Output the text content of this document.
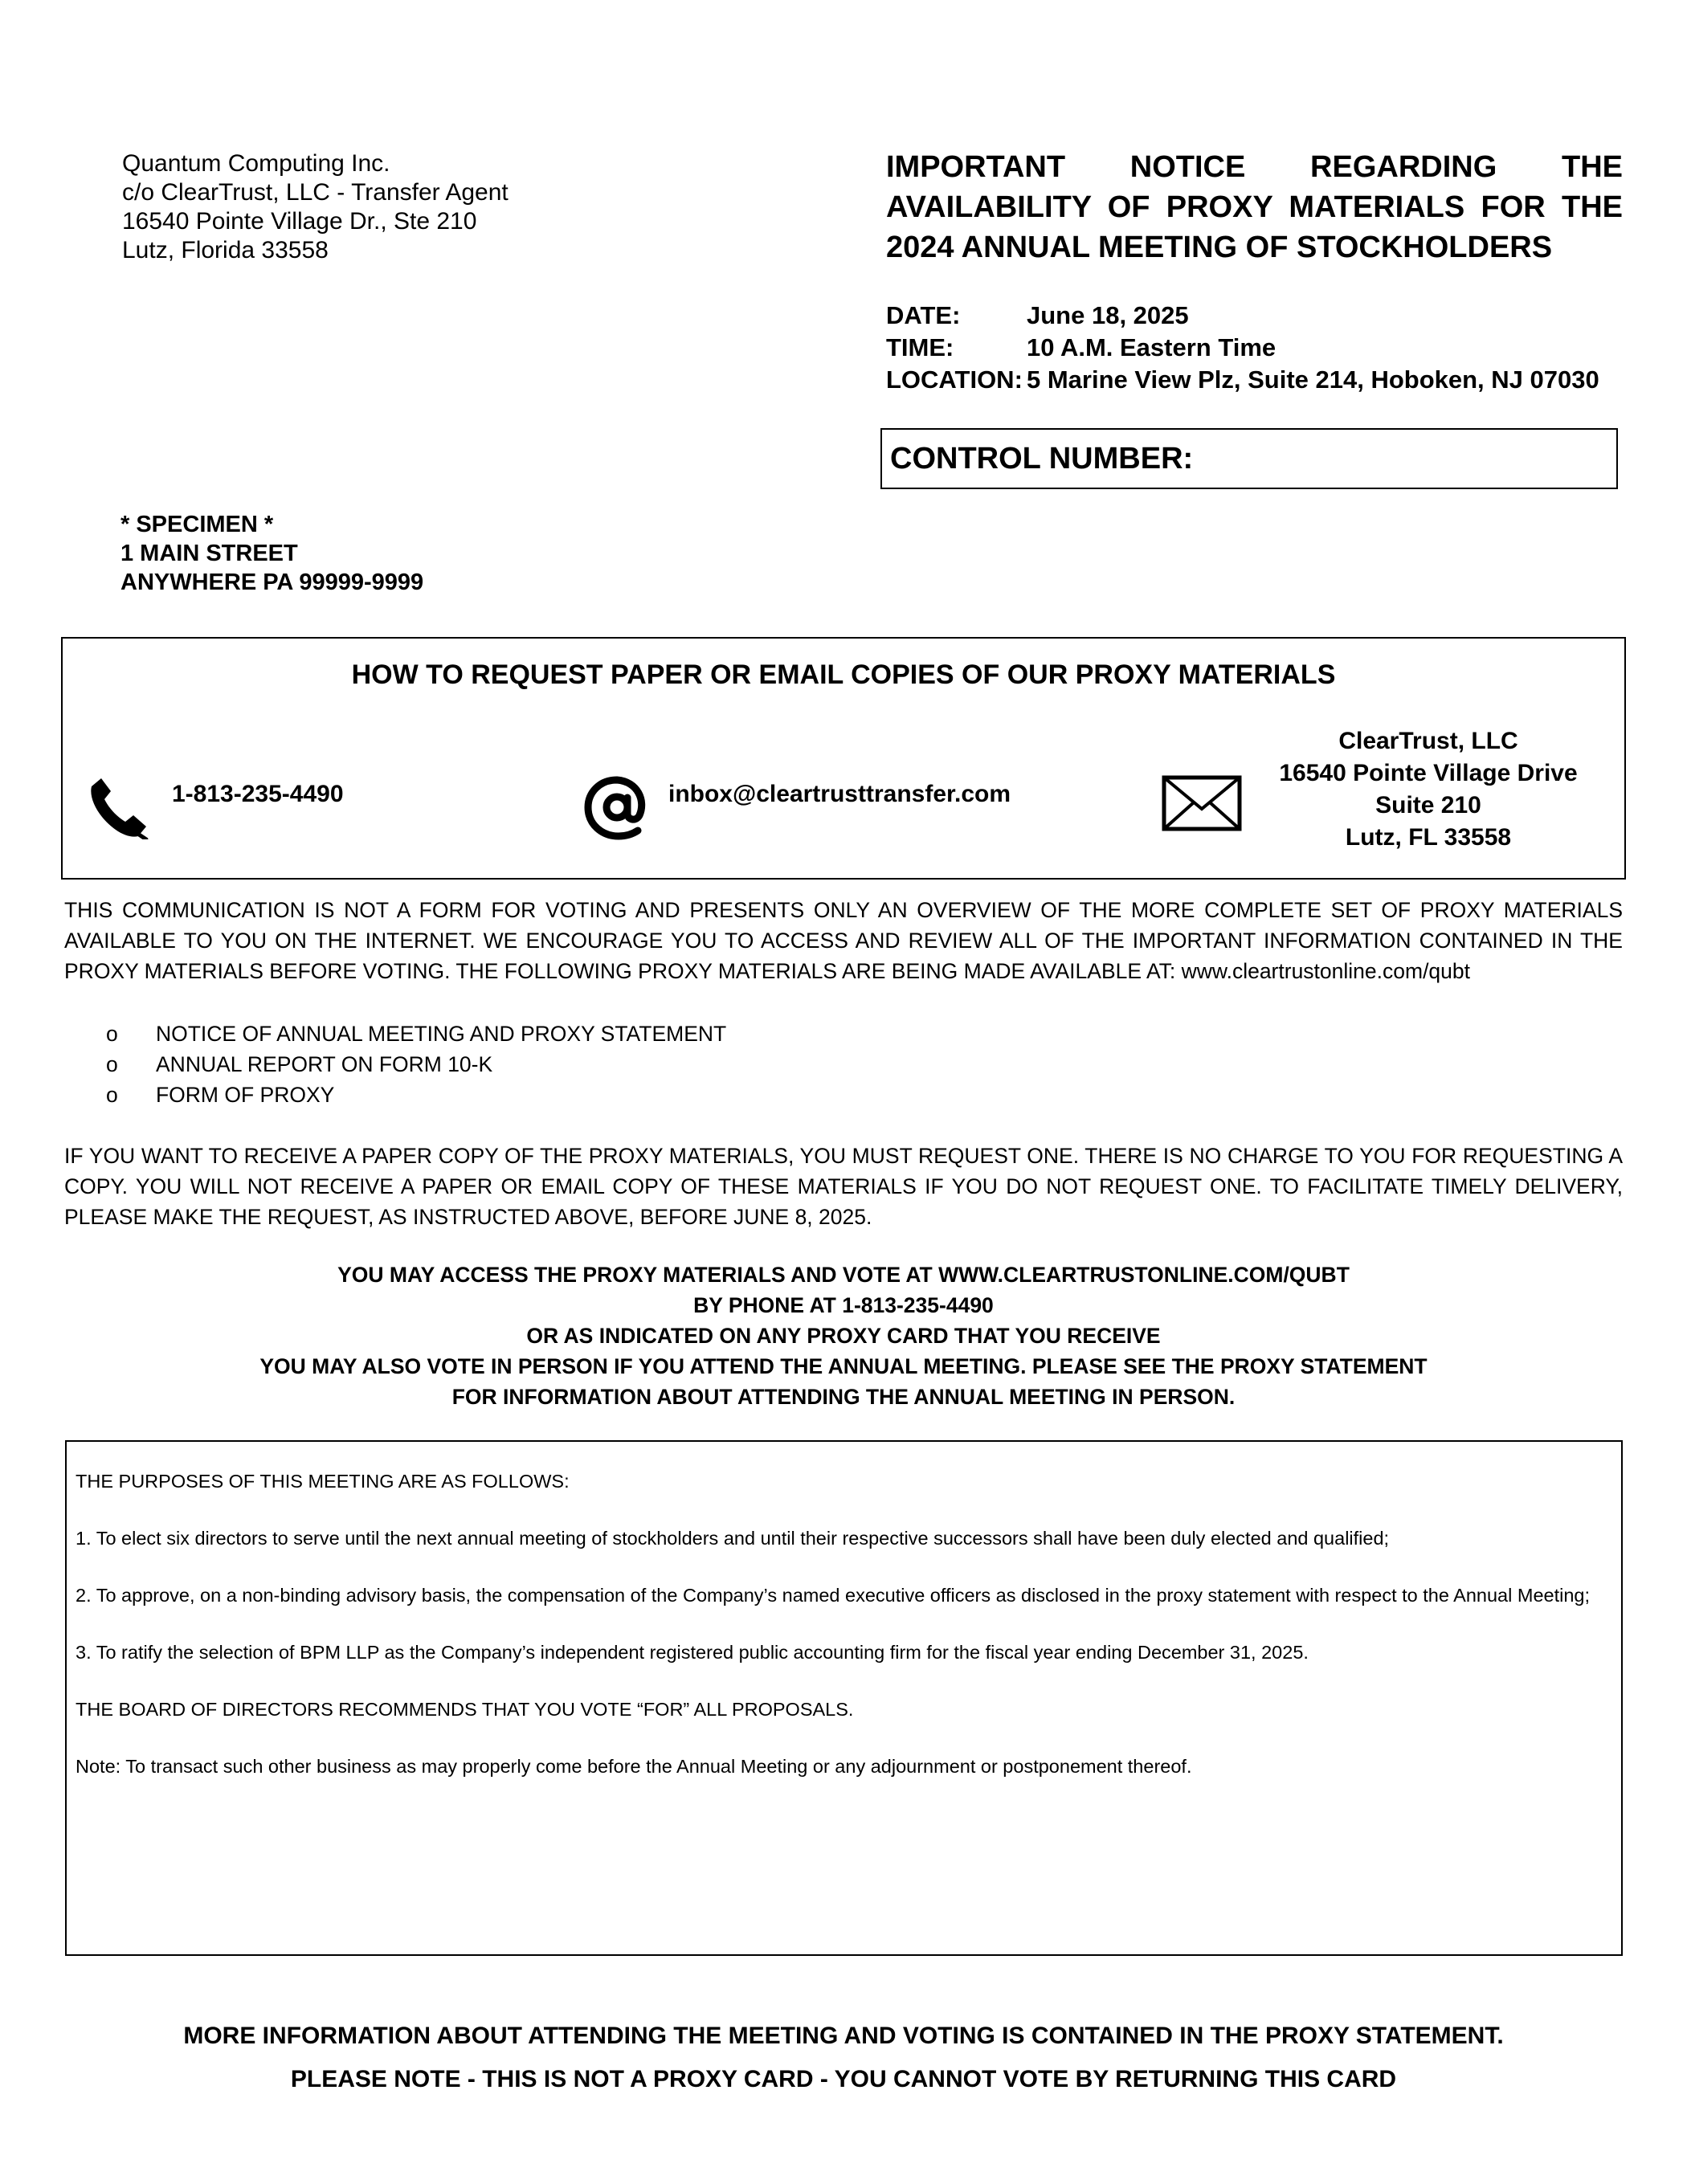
Quantum Computing Inc.
c/o ClearTrust, LLC - Transfer Agent
16540 Pointe Village Dr., Ste 210
Lutz, Florida 33558
IMPORTANT NOTICE REGARDING THE AVAILABILITY OF PROXY MATERIALS FOR THE 2024 ANNUAL MEETING OF STOCKHOLDERS
DATE:	June 18, 2025
TIME:	10 A.M. Eastern Time
LOCATION: 5 Marine View Plz, Suite 214, Hoboken, NJ 07030
CONTROL NUMBER:
* SPECIMEN *
1 MAIN STREET
ANYWHERE PA 99999-9999
HOW TO REQUEST PAPER OR EMAIL COPIES OF OUR PROXY MATERIALS
1-813-235-4490	inbox@cleartrusttransfer.com
ClearTrust, LLC
16540 Pointe Village Drive
Suite 210
Lutz, FL 33558
THIS COMMUNICATION IS NOT A FORM FOR VOTING AND PRESENTS ONLY AN OVERVIEW OF THE MORE COMPLETE SET OF PROXY MATERIALS AVAILABLE TO YOU ON THE INTERNET. WE ENCOURAGE YOU TO ACCESS AND REVIEW ALL OF THE IMPORTANT INFORMATION CONTAINED IN THE PROXY MATERIALS BEFORE VOTING. THE FOLLOWING PROXY MATERIALS ARE BEING MADE AVAILABLE AT: www.cleartrustonline.com/qubt
o	NOTICE OF ANNUAL MEETING AND PROXY STATEMENT
o	ANNUAL REPORT ON FORM 10-K
o	FORM OF PROXY
IF YOU WANT TO RECEIVE A PAPER COPY OF THE PROXY MATERIALS, YOU MUST REQUEST ONE. THERE IS NO CHARGE TO YOU FOR REQUESTING A COPY. YOU WILL NOT RECEIVE A PAPER OR EMAIL COPY OF THESE MATERIALS IF YOU DO NOT REQUEST ONE. TO FACILITATE TIMELY DELIVERY, PLEASE MAKE THE REQUEST, AS INSTRUCTED ABOVE, BEFORE JUNE 8, 2025.
YOU MAY ACCESS THE PROXY MATERIALS AND VOTE AT WWW.CLEARTRUSTONLINE.COM/QUBT
BY PHONE AT 1-813-235-4490
OR AS INDICATED ON ANY PROXY CARD THAT YOU RECEIVE
YOU MAY ALSO VOTE IN PERSON IF YOU ATTEND THE ANNUAL MEETING. PLEASE SEE THE PROXY STATEMENT
FOR INFORMATION ABOUT ATTENDING THE ANNUAL MEETING IN PERSON.

THE PURPOSES OF THIS MEETING ARE AS FOLLOWS:

1. To elect six directors to serve until the next annual meeting of stockholders and until their respective successors shall have been duly elected and qualified;

2. To approve, on a non-binding advisory basis, the compensation of the Company’s named executive officers as disclosed in the proxy statement with respect to the Annual Meeting;

3. To ratify the selection of BPM LLP as the Company’s independent registered public accounting firm for the fiscal year ending December 31, 2025.

THE BOARD OF DIRECTORS RECOMMENDS THAT YOU VOTE “FOR” ALL PROPOSALS.

Note: To transact such other business as may properly come before the Annual Meeting or any adjournment or postponement thereof.

MORE INFORMATION ABOUT ATTENDING THE MEETING AND VOTING IS CONTAINED IN THE PROXY STATEMENT.
PLEASE NOTE - THIS IS NOT A PROXY CARD - YOU CANNOT VOTE BY RETURNING THIS CARD
